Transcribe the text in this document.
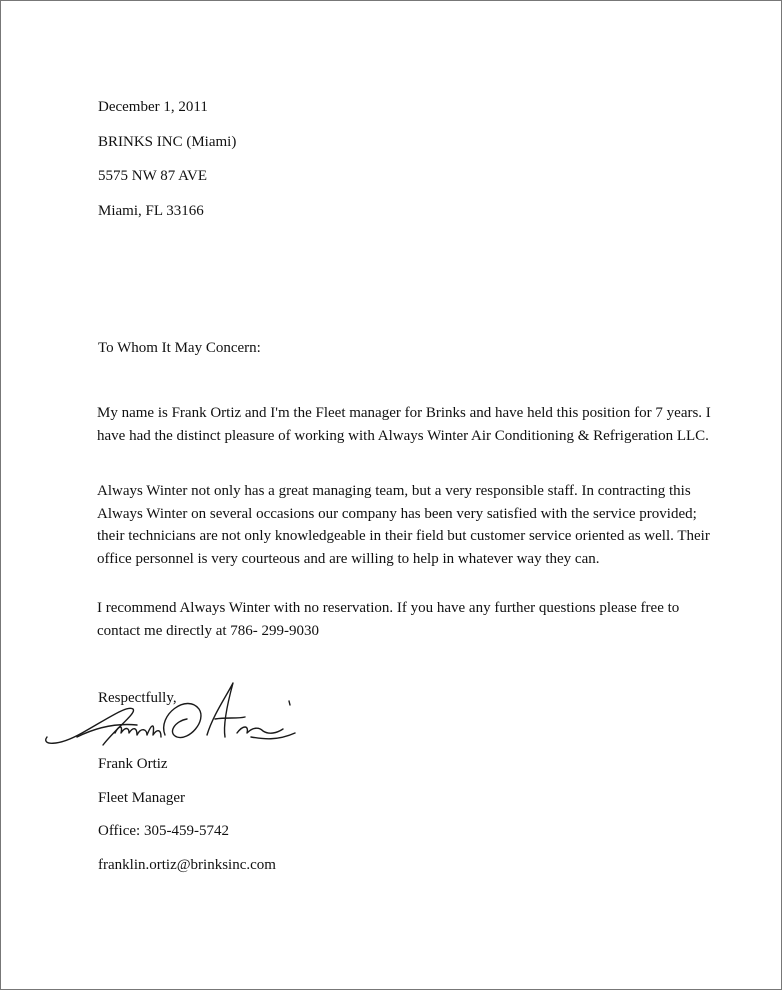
December 1, 2011
BRINKS INC (Miami)
5575 NW 87 AVE
Miami, FL 33166
To Whom It May Concern:
My name is Frank Ortiz and I'm the Fleet manager for Brinks and have held this position for 7 years. I have had the distinct pleasure of working with Always Winter Air Conditioning & Refrigeration LLC.
Always Winter not only has a great managing team, but a very responsible staff. In contracting this Always Winter on several occasions our company has been very satisfied with the service provided; their technicians are not only knowledgeable in their field but customer service oriented as well. Their office personnel is very courteous and are willing to help in whatever way they can.
I recommend Always Winter with no reservation. If you have any further questions please free to contact me directly at 786- 299-9030
Respectfully,
Frank Ortiz
Fleet Manager
Office: 305-459-5742
franklin.ortiz@brinksinc.com
